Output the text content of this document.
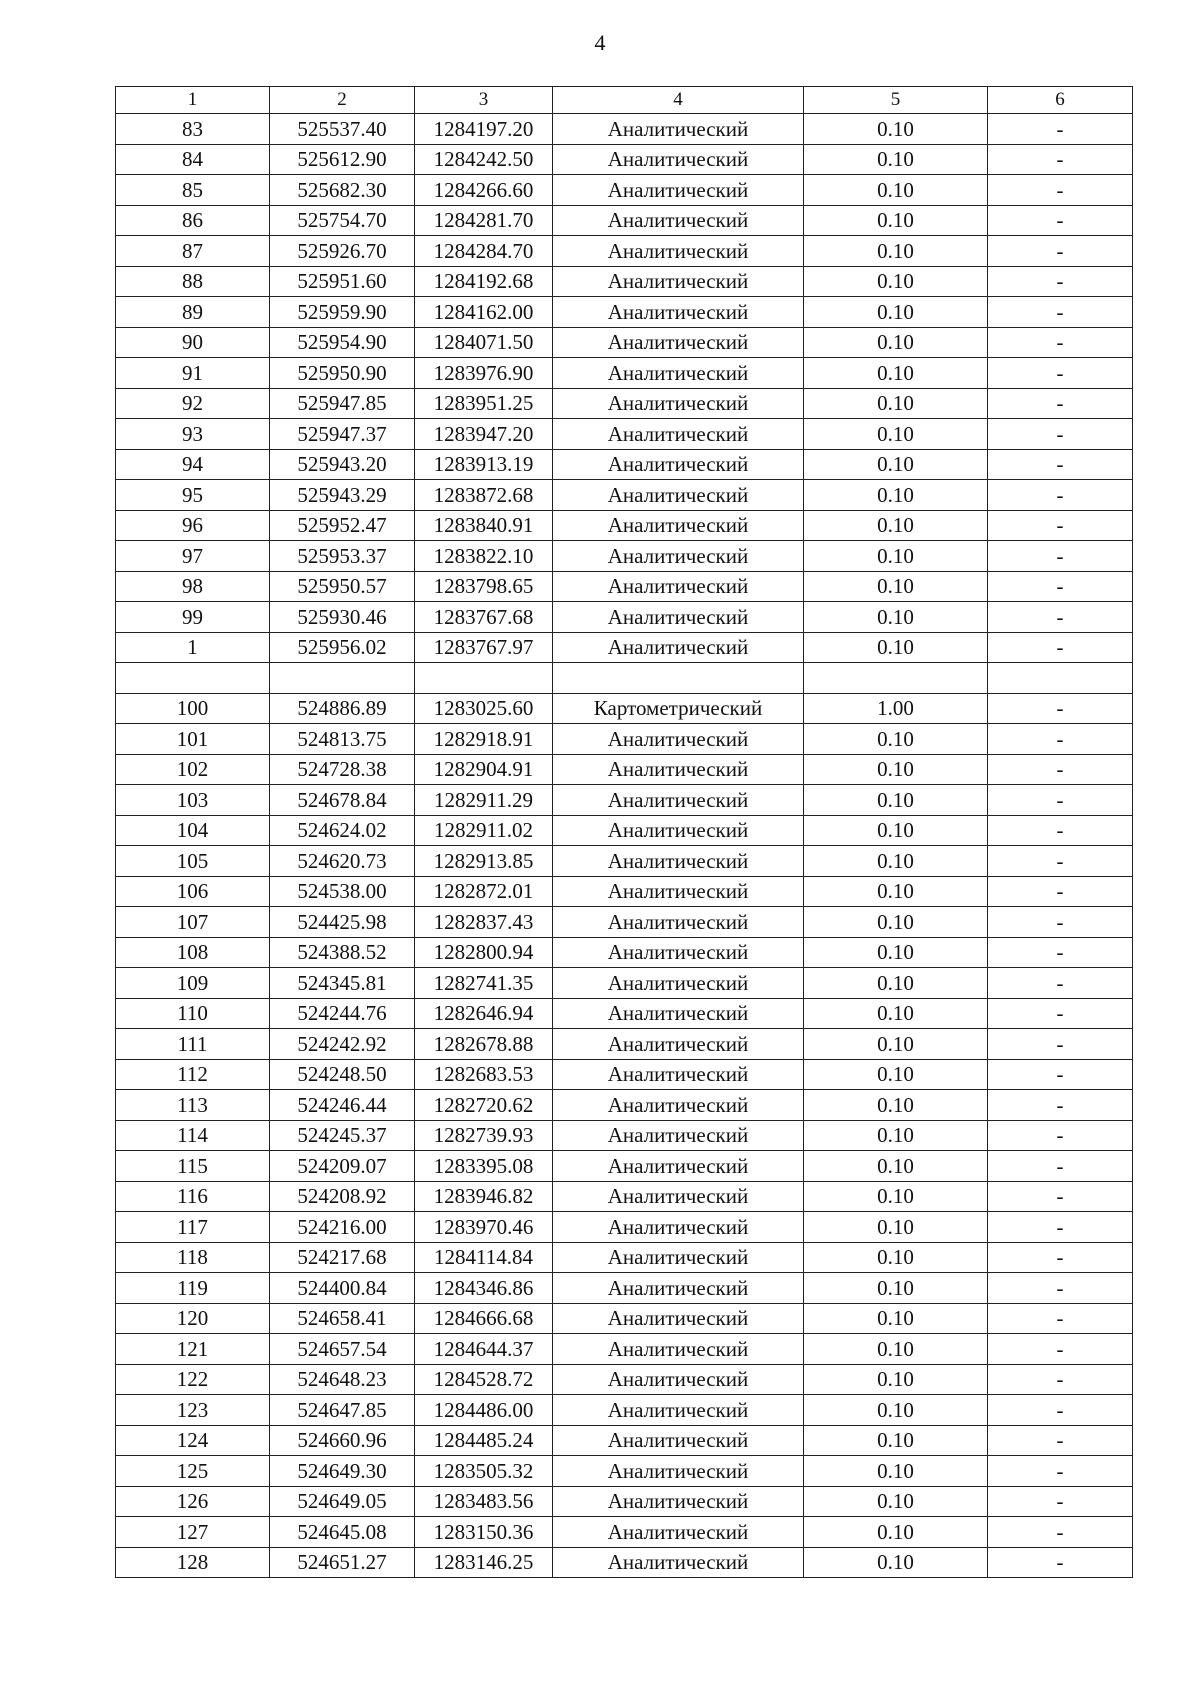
4
1	2	3	4	5	6
83	525537.40	1284197.20	Аналитический	0.10	-
84	525612.90	1284242.50	Аналитический	0.10	-
85	525682.30	1284266.60	Аналитический	0.10	-
86	525754.70	1284281.70	Аналитический	0.10	-
87	525926.70	1284284.70	Аналитический	0.10	-
88	525951.60	1284192.68	Аналитический	0.10	-
89	525959.90	1284162.00	Аналитический	0.10	-
90	525954.90	1284071.50	Аналитический	0.10	-
91	525950.90	1283976.90	Аналитический	0.10	-
92	525947.85	1283951.25	Аналитический	0.10	-
93	525947.37	1283947.20	Аналитический	0.10	-
94	525943.20	1283913.19	Аналитический	0.10	-
95	525943.29	1283872.68	Аналитический	0.10	-
96	525952.47	1283840.91	Аналитический	0.10	-
97	525953.37	1283822.10	Аналитический	0.10	-
98	525950.57	1283798.65	Аналитический	0.10	-
99	525930.46	1283767.68	Аналитический	0.10	-
1	525956.02	1283767.97	Аналитический	0.10	-

100	524886.89	1283025.60	Картометрический	1.00	-
101	524813.75	1282918.91	Аналитический	0.10	-
102	524728.38	1282904.91	Аналитический	0.10	-
103	524678.84	1282911.29	Аналитический	0.10	-
104	524624.02	1282911.02	Аналитический	0.10	-
105	524620.73	1282913.85	Аналитический	0.10	-
106	524538.00	1282872.01	Аналитический	0.10	-
107	524425.98	1282837.43	Аналитический	0.10	-
108	524388.52	1282800.94	Аналитический	0.10	-
109	524345.81	1282741.35	Аналитический	0.10	-
110	524244.76	1282646.94	Аналитический	0.10	-
111	524242.92	1282678.88	Аналитический	0.10	-
112	524248.50	1282683.53	Аналитический	0.10	-
113	524246.44	1282720.62	Аналитический	0.10	-
114	524245.37	1282739.93	Аналитический	0.10	-
115	524209.07	1283395.08	Аналитический	0.10	-
116	524208.92	1283946.82	Аналитический	0.10	-
117	524216.00	1283970.46	Аналитический	0.10	-
118	524217.68	1284114.84	Аналитический	0.10	-
119	524400.84	1284346.86	Аналитический	0.10	-
120	524658.41	1284666.68	Аналитический	0.10	-
121	524657.54	1284644.37	Аналитический	0.10	-
122	524648.23	1284528.72	Аналитический	0.10	-
123	524647.85	1284486.00	Аналитический	0.10	-
124	524660.96	1284485.24	Аналитический	0.10	-
125	524649.30	1283505.32	Аналитический	0.10	-
126	524649.05	1283483.56	Аналитический	0.10	-
127	524645.08	1283150.36	Аналитический	0.10	-
128	524651.27	1283146.25	Аналитический	0.10	-
